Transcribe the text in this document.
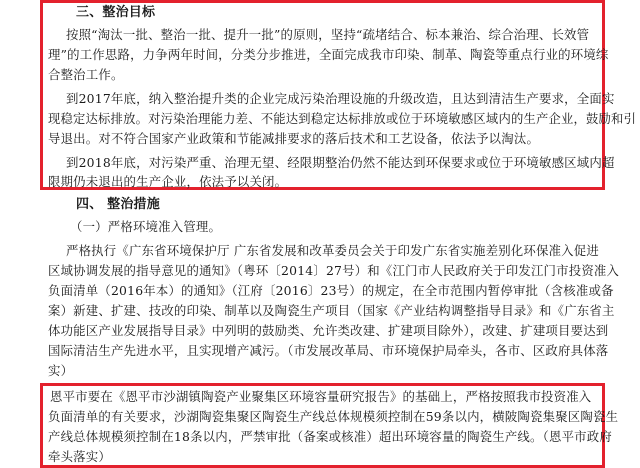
三、整治目标
按照“淘汰一批、整治一批、提升一批”的原则，坚持“疏堵结合、标本兼治、综合治理、长效管
理”的工作思路，力争两年时间，分类分步推进，全面完成我市印染、制革、陶瓷等重点行业的环境综
合整治工作。
到2017年底，纳入整治提升类的企业完成污染治理设施的升级改造，且达到清洁生产要求，全面实
现稳定达标排放。对污染治理能力差、不能达到稳定达标排放或位于环境敏感区域内的生产企业，鼓励和引
导退出。对不符合国家产业政策和节能减排要求的落后技术和工艺设备，依法予以淘汰。
到2018年底，对污染严重、治理无望、经限期整治仍然不能达到环保要求或位于环境敏感区域内超
限期仍未退出的生产企业，依法予以关闭。
四、 整治措施
（一）严格环境准入管理。
严格执行《广东省环境保护厅 广东省发展和改革委员会关于印发广东省实施差别化环保准入促进
区域协调发展的指导意见的通知》（粤环〔2014〕27号）和《江门市人民政府关于印发江门市投资准入
负面清单（2016年本）的通知》（江府〔2016〕23号）的规定，在全市范围内暂停审批（含核准或备
案）新建、扩建、技改的印染、制革以及陶瓷生产项目（国家《产业结构调整指导目录》和《广东省主
体功能区产业发展指导目录》中列明的鼓励类、允许类改建、扩建项目除外），改建、扩建项目要达到
国际清洁生产先进水平，且实现增产减污。（市发展改革局、市环境保护局牵头，各市、区政府具体落
实）
恩平市要在《恩平市沙湖镇陶瓷产业聚集区环境容量研究报告》的基础上，严格按照我市投资准入
负面清单的有关要求，沙湖陶瓷集聚区陶瓷生产线总体规模须控制在59条以内，横陂陶瓷集聚区陶瓷生
产线总体规模须控制在18条以内，严禁审批（备案或核准）超出环境容量的陶瓷生产线。（恩平市政府
牵头落实）
